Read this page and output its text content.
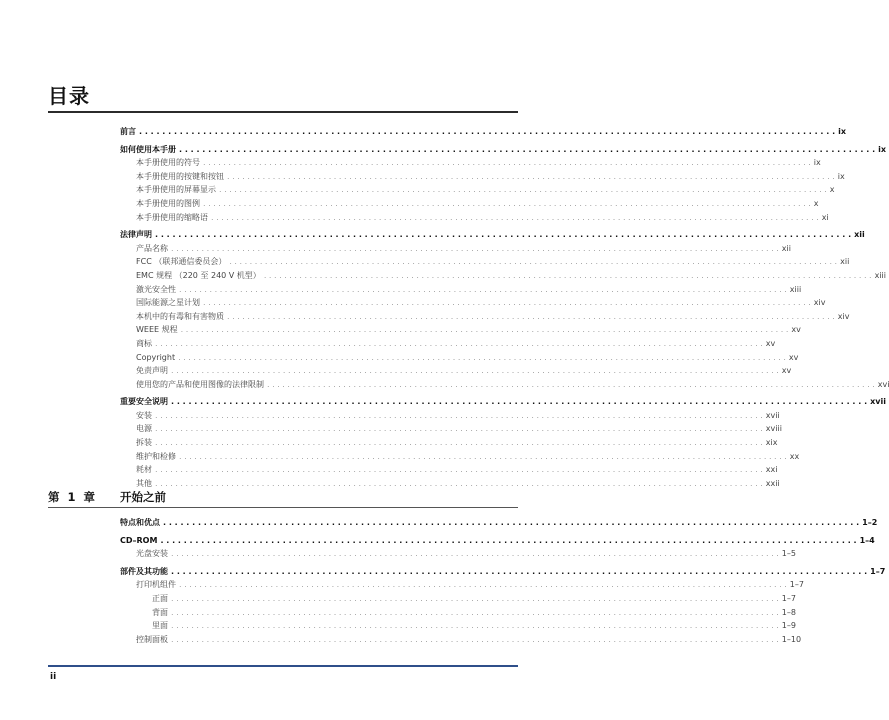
目录
前言 . . . . . . . . . . . . . . . . . . . . . . . . . . . . . . . . . . . . . . . . . . . . . . . . . . . . . . . . . . . . . . . . . . . . . . . . . . . . . . . . . . . . . . . . . . . . . . . . . . . . . . . . . . . . . . . . . . . . . . . . ix
如何使用本手册 . . . . . . . . . . . . . . . . . . . . . . . . . . . . . . . . . . . . . . . . . . . . . . . . . . . . . . . . . . . . . . . . . . . . . . . . . . . . . . . . . . . . . . . . . . . . . . . . . . . . . . . . . . . . . . . . . . . . . . . . ix
本手册使用的符号 . . . . . . . . . . . . . . . . . . . . . . . . . . . . . . . . . . . . . . . . . . . . . . . . . . . . . . . . . . . . . . . . . . . . . . . . . . . . . . . . . . . . . . . . . . . . . . . . . . . . . . . . . . . . . . . . . . . . . . . . ix
本手册使用的按键和按钮 . . . . . . . . . . . . . . . . . . . . . . . . . . . . . . . . . . . . . . . . . . . . . . . . . . . . . . . . . . . . . . . . . . . . . . . . . . . . . . . . . . . . . . . . . . . . . . . . . . . . . . . . . . . . . . . . . . . . . . . . ix
本手册使用的屏幕显示 . . . . . . . . . . . . . . . . . . . . . . . . . . . . . . . . . . . . . . . . . . . . . . . . . . . . . . . . . . . . . . . . . . . . . . . . . . . . . . . . . . . . . . . . . . . . . . . . . . . . . . . . . . . . . . . . . . . . . . . . x
本手册使用的图例 . . . . . . . . . . . . . . . . . . . . . . . . . . . . . . . . . . . . . . . . . . . . . . . . . . . . . . . . . . . . . . . . . . . . . . . . . . . . . . . . . . . . . . . . . . . . . . . . . . . . . . . . . . . . . . . . . . . . . . . . x
本手册使用的缩略语 . . . . . . . . . . . . . . . . . . . . . . . . . . . . . . . . . . . . . . . . . . . . . . . . . . . . . . . . . . . . . . . . . . . . . . . . . . . . . . . . . . . . . . . . . . . . . . . . . . . . . . . . . . . . . . . . . . . . . . . . xi
法律声明 . . . . . . . . . . . . . . . . . . . . . . . . . . . . . . . . . . . . . . . . . . . . . . . . . . . . . . . . . . . . . . . . . . . . . . . . . . . . . . . . . . . . . . . . . . . . . . . . . . . . . . . . . . . . . . . . . . . . . . . . xii
产品名称 . . . . . . . . . . . . . . . . . . . . . . . . . . . . . . . . . . . . . . . . . . . . . . . . . . . . . . . . . . . . . . . . . . . . . . . . . . . . . . . . . . . . . . . . . . . . . . . . . . . . . . . . . . . . . . . . . . . . . . . . xii
FCC （联邦通信委员会） . . . . . . . . . . . . . . . . . . . . . . . . . . . . . . . . . . . . . . . . . . . . . . . . . . . . . . . . . . . . . . . . . . . . . . . . . . . . . . . . . . . . . . . . . . . . . . . . . . . . . . . . . . . . . . . . . . . . . . . . xii
EMC 规程 （220 至 240 V 机型） . . . . . . . . . . . . . . . . . . . . . . . . . . . . . . . . . . . . . . . . . . . . . . . . . . . . . . . . . . . . . . . . . . . . . . . . . . . . . . . . . . . . . . . . . . . . . . . . . . . . . . . . . . . . . . . . . . . . . . . . xiii
激光安全性 . . . . . . . . . . . . . . . . . . . . . . . . . . . . . . . . . . . . . . . . . . . . . . . . . . . . . . . . . . . . . . . . . . . . . . . . . . . . . . . . . . . . . . . . . . . . . . . . . . . . . . . . . . . . . . . . . . . . . . . . xiii
国际能源之星计划 . . . . . . . . . . . . . . . . . . . . . . . . . . . . . . . . . . . . . . . . . . . . . . . . . . . . . . . . . . . . . . . . . . . . . . . . . . . . . . . . . . . . . . . . . . . . . . . . . . . . . . . . . . . . . . . . . . . . . . . . xiv
本机中的有毒和有害物质 . . . . . . . . . . . . . . . . . . . . . . . . . . . . . . . . . . . . . . . . . . . . . . . . . . . . . . . . . . . . . . . . . . . . . . . . . . . . . . . . . . . . . . . . . . . . . . . . . . . . . . . . . . . . . . . . . . . . . . . . xiv
WEEE 规程 . . . . . . . . . . . . . . . . . . . . . . . . . . . . . . . . . . . . . . . . . . . . . . . . . . . . . . . . . . . . . . . . . . . . . . . . . . . . . . . . . . . . . . . . . . . . . . . . . . . . . . . . . . . . . . . . . . . . . . . . xv
商标 . . . . . . . . . . . . . . . . . . . . . . . . . . . . . . . . . . . . . . . . . . . . . . . . . . . . . . . . . . . . . . . . . . . . . . . . . . . . . . . . . . . . . . . . . . . . . . . . . . . . . . . . . . . . . . . . . . . . . . . . xv
Copyright . . . . . . . . . . . . . . . . . . . . . . . . . . . . . . . . . . . . . . . . . . . . . . . . . . . . . . . . . . . . . . . . . . . . . . . . . . . . . . . . . . . . . . . . . . . . . . . . . . . . . . . . . . . . . . . . . . . . . . . . xv
免责声明 . . . . . . . . . . . . . . . . . . . . . . . . . . . . . . . . . . . . . . . . . . . . . . . . . . . . . . . . . . . . . . . . . . . . . . . . . . . . . . . . . . . . . . . . . . . . . . . . . . . . . . . . . . . . . . . . . . . . . . . . xv
使用您的产品和使用图像的法律限制 . . . . . . . . . . . . . . . . . . . . . . . . . . . . . . . . . . . . . . . . . . . . . . . . . . . . . . . . . . . . . . . . . . . . . . . . . . . . . . . . . . . . . . . . . . . . . . . . . . . . . . . . . . . . . . . . . . . . . . . . xvi
重要安全说明 . . . . . . . . . . . . . . . . . . . . . . . . . . . . . . . . . . . . . . . . . . . . . . . . . . . . . . . . . . . . . . . . . . . . . . . . . . . . . . . . . . . . . . . . . . . . . . . . . . . . . . . . . . . . . . . . . . . . . . . . xvii
安装 . . . . . . . . . . . . . . . . . . . . . . . . . . . . . . . . . . . . . . . . . . . . . . . . . . . . . . . . . . . . . . . . . . . . . . . . . . . . . . . . . . . . . . . . . . . . . . . . . . . . . . . . . . . . . . . . . . . . . . . . xvii
电源 . . . . . . . . . . . . . . . . . . . . . . . . . . . . . . . . . . . . . . . . . . . . . . . . . . . . . . . . . . . . . . . . . . . . . . . . . . . . . . . . . . . . . . . . . . . . . . . . . . . . . . . . . . . . . . . . . . . . . . . . xviii
拆装 . . . . . . . . . . . . . . . . . . . . . . . . . . . . . . . . . . . . . . . . . . . . . . . . . . . . . . . . . . . . . . . . . . . . . . . . . . . . . . . . . . . . . . . . . . . . . . . . . . . . . . . . . . . . . . . . . . . . . . . . xix
维护和检修 . . . . . . . . . . . . . . . . . . . . . . . . . . . . . . . . . . . . . . . . . . . . . . . . . . . . . . . . . . . . . . . . . . . . . . . . . . . . . . . . . . . . . . . . . . . . . . . . . . . . . . . . . . . . . . . . . . . . . . . . xx
耗材 . . . . . . . . . . . . . . . . . . . . . . . . . . . . . . . . . . . . . . . . . . . . . . . . . . . . . . . . . . . . . . . . . . . . . . . . . . . . . . . . . . . . . . . . . . . . . . . . . . . . . . . . . . . . . . . . . . . . . . . . xxi
其他 . . . . . . . . . . . . . . . . . . . . . . . . . . . . . . . . . . . . . . . . . . . . . . . . . . . . . . . . . . . . . . . . . . . . . . . . . . . . . . . . . . . . . . . . . . . . . . . . . . . . . . . . . . . . . . . . . . . . . . . . xxii
第 1 章 开始之前
特点和优点 . . . . . . . . . . . . . . . . . . . . . . . . . . . . . . . . . . . . . . . . . . . . . . . . . . . . . . . . . . . . . . . . . . . . . . . . . . . . . . . . . . . . . . . . . . . . . . . . . . . . . . . . . . . . . . . . . . . . . . . . 1–2
CD–ROM . . . . . . . . . . . . . . . . . . . . . . . . . . . . . . . . . . . . . . . . . . . . . . . . . . . . . . . . . . . . . . . . . . . . . . . . . . . . . . . . . . . . . . . . . . . . . . . . . . . . . . . . . . . . . . . . . . . . . . . . 1–4
光盘安装 . . . . . . . . . . . . . . . . . . . . . . . . . . . . . . . . . . . . . . . . . . . . . . . . . . . . . . . . . . . . . . . . . . . . . . . . . . . . . . . . . . . . . . . . . . . . . . . . . . . . . . . . . . . . . . . . . . . . . . . . 1–5
部件及其功能 . . . . . . . . . . . . . . . . . . . . . . . . . . . . . . . . . . . . . . . . . . . . . . . . . . . . . . . . . . . . . . . . . . . . . . . . . . . . . . . . . . . . . . . . . . . . . . . . . . . . . . . . . . . . . . . . . . . . . . . . 1–7
打印机组件 . . . . . . . . . . . . . . . . . . . . . . . . . . . . . . . . . . . . . . . . . . . . . . . . . . . . . . . . . . . . . . . . . . . . . . . . . . . . . . . . . . . . . . . . . . . . . . . . . . . . . . . . . . . . . . . . . . . . . . . . 1–7
正面 . . . . . . . . . . . . . . . . . . . . . . . . . . . . . . . . . . . . . . . . . . . . . . . . . . . . . . . . . . . . . . . . . . . . . . . . . . . . . . . . . . . . . . . . . . . . . . . . . . . . . . . . . . . . . . . . . . . . . . . . 1–7
背面 . . . . . . . . . . . . . . . . . . . . . . . . . . . . . . . . . . . . . . . . . . . . . . . . . . . . . . . . . . . . . . . . . . . . . . . . . . . . . . . . . . . . . . . . . . . . . . . . . . . . . . . . . . . . . . . . . . . . . . . . 1–8
里面 . . . . . . . . . . . . . . . . . . . . . . . . . . . . . . . . . . . . . . . . . . . . . . . . . . . . . . . . . . . . . . . . . . . . . . . . . . . . . . . . . . . . . . . . . . . . . . . . . . . . . . . . . . . . . . . . . . . . . . . . 1–9
控制面板 . . . . . . . . . . . . . . . . . . . . . . . . . . . . . . . . . . . . . . . . . . . . . . . . . . . . . . . . . . . . . . . . . . . . . . . . . . . . . . . . . . . . . . . . . . . . . . . . . . . . . . . . . . . . . . . . . . . . . . . . 1–10
ii
